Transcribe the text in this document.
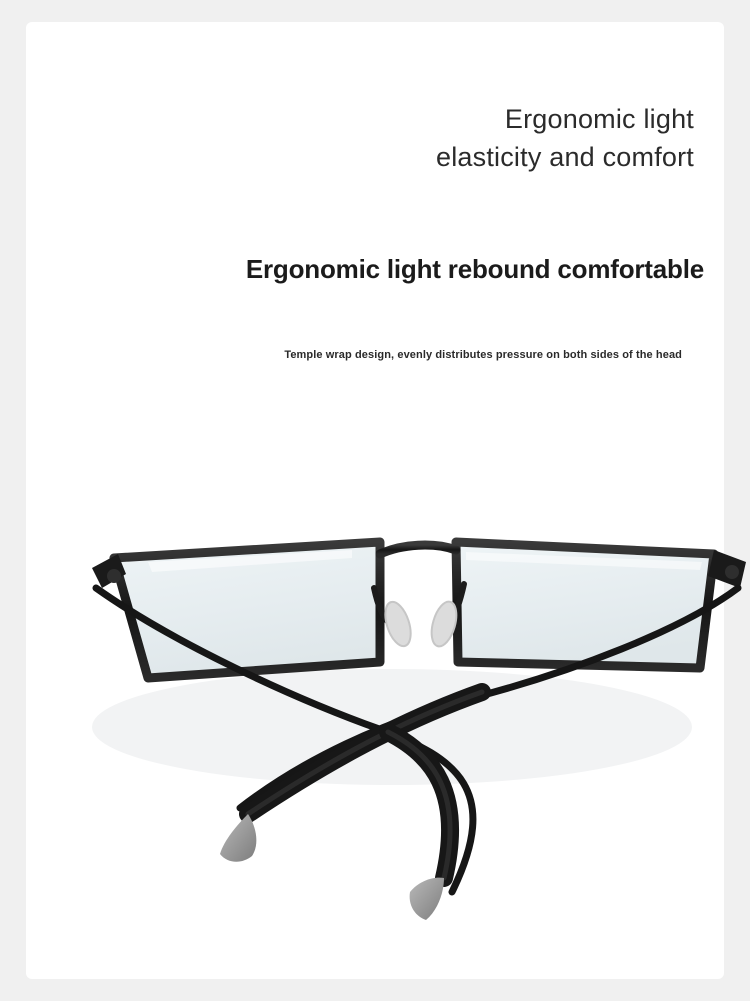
Ergonomic light
elasticity and comfort
Ergonomic light rebound comfortable
Temple wrap design, evenly distributes pressure on both sides of the head
